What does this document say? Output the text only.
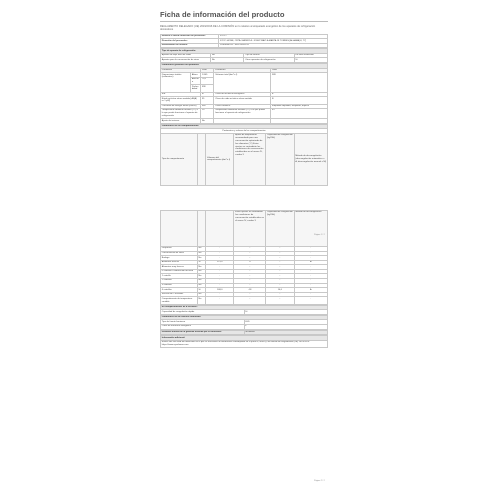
Ficha de información del producto
REGLAMENTO DELEGADO (UE) 2019/2016 DE LA COMISIÓN en lo relativo al etiquetado energético de los aparatos de refrigeración domésticos
Nombre o marca comercial del proveedor:	EYVO
Dirección del proveedor:	EYVO HOME, CRTA. MADRID-IL JOSEP MAIT-A MARTA 18 TORRES [ALHAMA(LI, 77]
Identificador del modelo:	FGEM-ALUX - 869-78000741
Tipo de aparato de refrigeración:			
Aparato de bajo nivel de ruido	No	Tipo de diseño	De libre instalación
Aparato para la conservación de vinos	No	Otros aparatos de refrigeración	Sí
Parámetros generales del producto:				
Parámetro		Valor	Parámetro	Valor
Dimensiones totales (milímetros)	Altura	1.845	Volumen total (dm³ o l)	389
	Anchura	70,1		
	Profundidad	598		
IEE		97	Clase de eficiencia energética	E
Ruido acústico aéreo emitido [dB(A) re 1 pW]		35	Clase de ruido acústico aéreo emitido	B
Consumo de energía anual (kWh/a)		380	Clase climática:	templada ampliada, templada, tropical
Temperatura ambiente mínima (°C) a la que puede funcionar el aparato de refrigeración		10	Temperatura ambiente máxima (°C) a la que puede funcionar el aparato de refrigeración	43
Ajuste de invierno		No		
Parámetros de los compartimentos:
Parámetros y valores de los compartimentos
Tipo de compartimento		Volumen del compartimento (dm³ o l)	Ajuste de temperatura recomendado para una conservación optimizada de los alimentos (°C) Estos ajustes no contradirán las condiciones de conservación establecidas en el anexo IV, cuadro 3	Capacidad de congelación (kg/24h)	Método de descongelación (descongelación automática = A, descongelación manual = M)
			Estos ajustes no contradirán las condiciones de conservación establecidas en el anexo IV, cuadro 3	Capacidad de congelación (kg/24h)	Método de descongelación
Despensa	No	-	-	-	-
Conservación de vinos	No	-	-	-	-
Bodega	No	-	-	-	-
Alimentos frescos	Sí	221,0	4	-	A
Alimentos muy frescos	No	-	-	-	-
0 estrellas o fabricación de hielo	No	-	-	-	-
1 estrella	No	-	-	-	-
2 estrellas	No	-	-	-	-
3 estrellas	No	-	-	-	-
4 estrellas	Sí	168,0	-18	10,0	A
Sección de 2 estrellas	No	-	-	-	-
Compartimento de temperatura variable	No	-	-	-	-
En compartimentos de 4 estrellas:
Capacidad de congelación rápida	Sí
Parámetros de las fuentes luminosas:	
Tipo de fuente luminosa	LED
Clase de eficiencia energética	F
Duración mínima de la garantía ofrecida por el fabricante:	36 meses
Información adicional:
Enlace del sitio web del fabricante en el que se encuentra la información contemplada en el punto 4, letra a), del anexo del Reglamento (UE) 2019/2023: https://www.eyvohome.com
Página 1 / 2
Página 2 / 2
